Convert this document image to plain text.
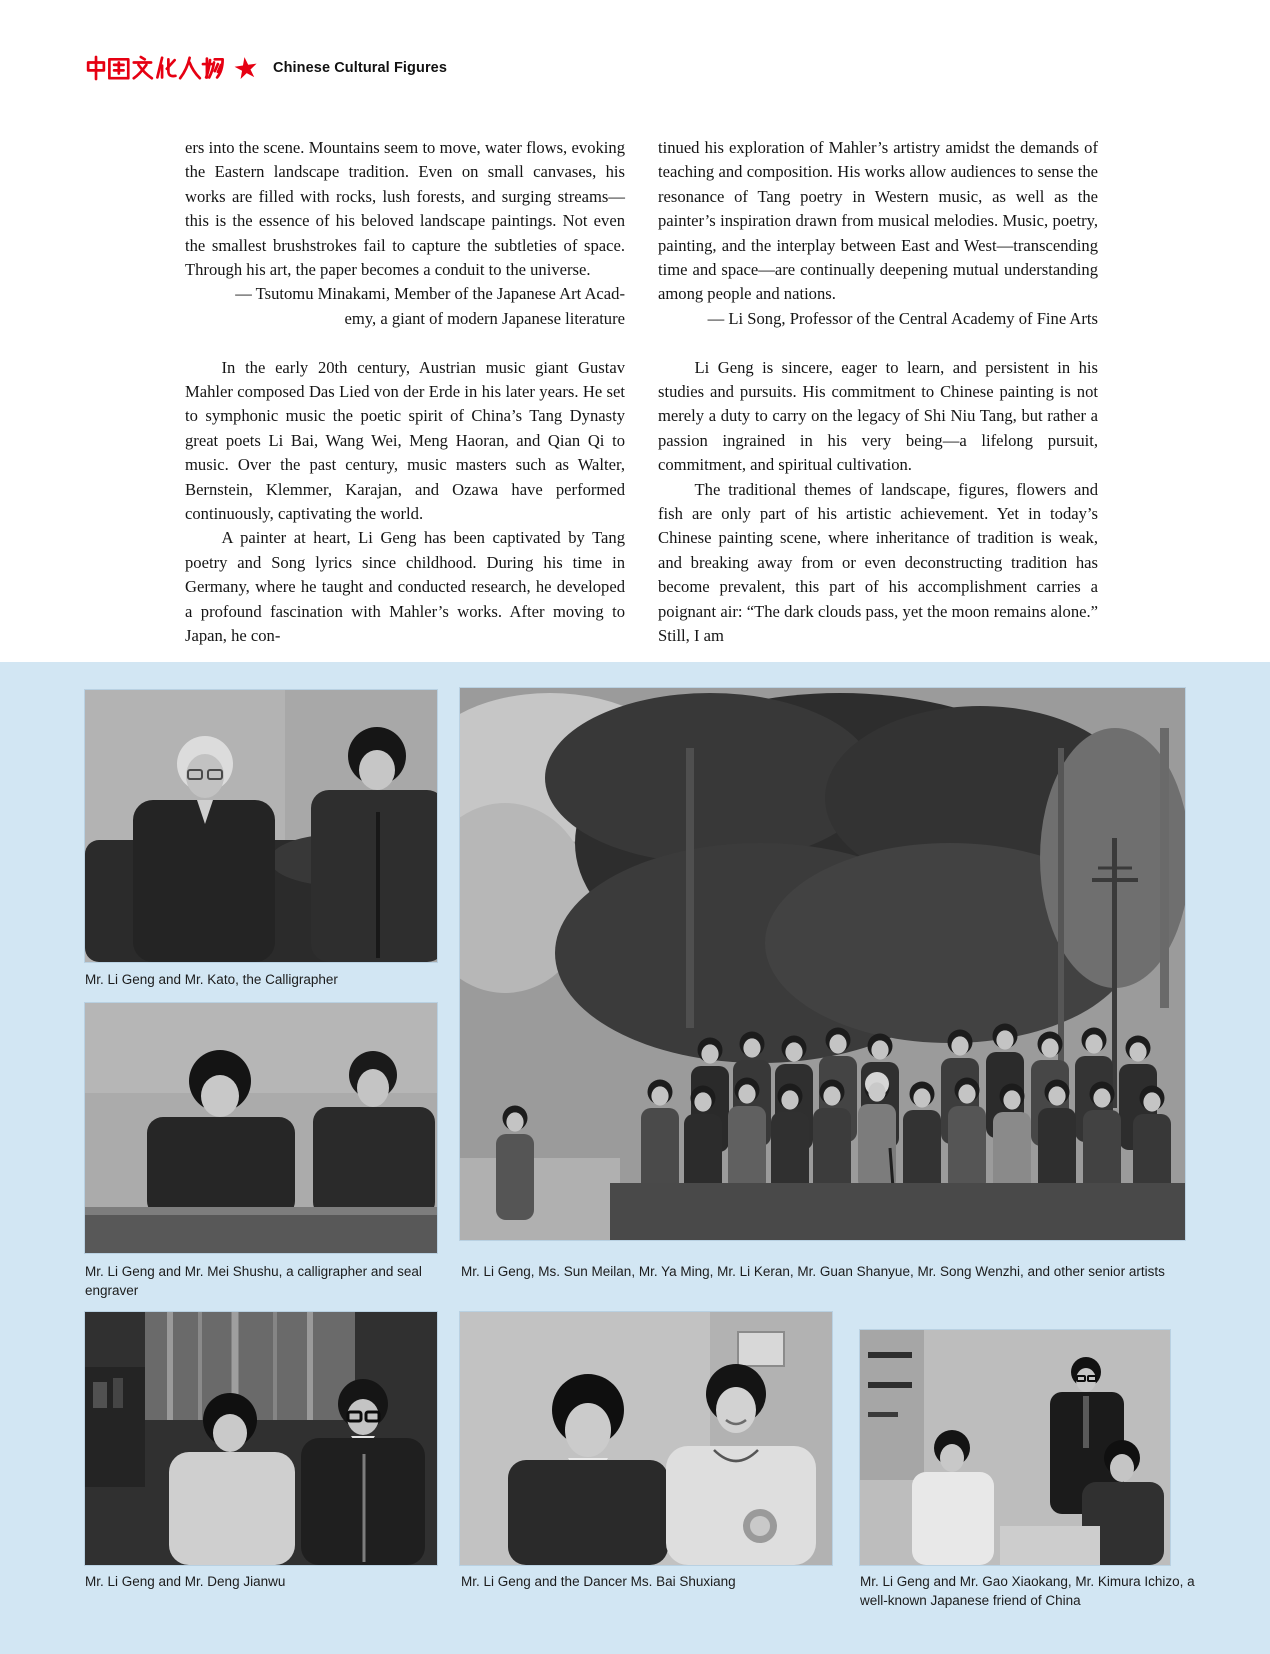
★ Chinese Cultural Figures

ers into the scene. Mountains seem to move, water flows, evoking the Eastern landscape tradition. Even on small canvases, his works are filled with rocks, lush forests, and surging streams—this is the essence of his beloved landscape paintings. Not even the smallest brushstrokes fail to capture the subtleties of space. Through his art, the paper becomes a conduit to the universe.

— Tsutomu Minakami, Member of the Japanese Art Acad-

emy, a giant of modern Japanese literature

In the early 20th century, Austrian music giant Gustav Mahler composed Das Lied von der Erde in his later years. He set to symphonic music the poetic spirit of China’s Tang Dynasty great poets Li Bai, Wang Wei, Meng Haoran, and Qian Qi to music. Over the past century, music masters such as Walter, Bernstein, Klemmer, Karajan, and Ozawa have performed continuously, captivating the world.

A painter at heart, Li Geng has been captivated by Tang poetry and Song lyrics since childhood. During his time in Germany, where he taught and conducted research, he developed a profound fascination with Mahler’s works. After moving to Japan, he con-

tinued his exploration of Mahler’s artistry amidst the demands of teaching and composition. His works allow audiences to sense the resonance of Tang poetry in Western music, as well as the painter’s inspiration drawn from musical melodies. Music, poetry, painting, and the interplay between East and West—transcending time and space—are continually deepening mutual understanding among people and nations.

— Li Song, Professor of the Central Academy of Fine Arts

Li Geng is sincere, eager to learn, and persistent in his studies and pursuits. His commitment to Chinese painting is not merely a duty to carry on the legacy of Shi Niu Tang, but rather a passion ingrained in his very being—a lifelong pursuit, commitment, and spiritual cultivation.

The traditional themes of landscape, figures, flowers and fish are only part of his artistic achievement. Yet in today’s Chinese painting scene, where inheritance of tradition is weak, and breaking away from or even deconstructing tradition has become prevalent, this part of his accomplishment carries a poignant air: “The dark clouds pass, yet the moon remains alone.” Still, I am

Mr. Li Geng and Mr. Kato, the Calligrapher
Mr. Li Geng and Mr. Mei Shushu, a calligrapher and seal engraver
Mr. Li Geng, Ms. Sun Meilan, Mr. Ya Ming, Mr. Li Keran, Mr. Guan Shanyue, Mr. Song Wenzhi, and other senior artists
Mr. Li Geng and Mr. Deng Jianwu	Mr. Li Geng and the Dancer Ms. Bai Shuxiang	Mr. Li Geng and Mr. Gao Xiaokang, Mr. Kimura Ichizo, a well-known Japanese friend of China
